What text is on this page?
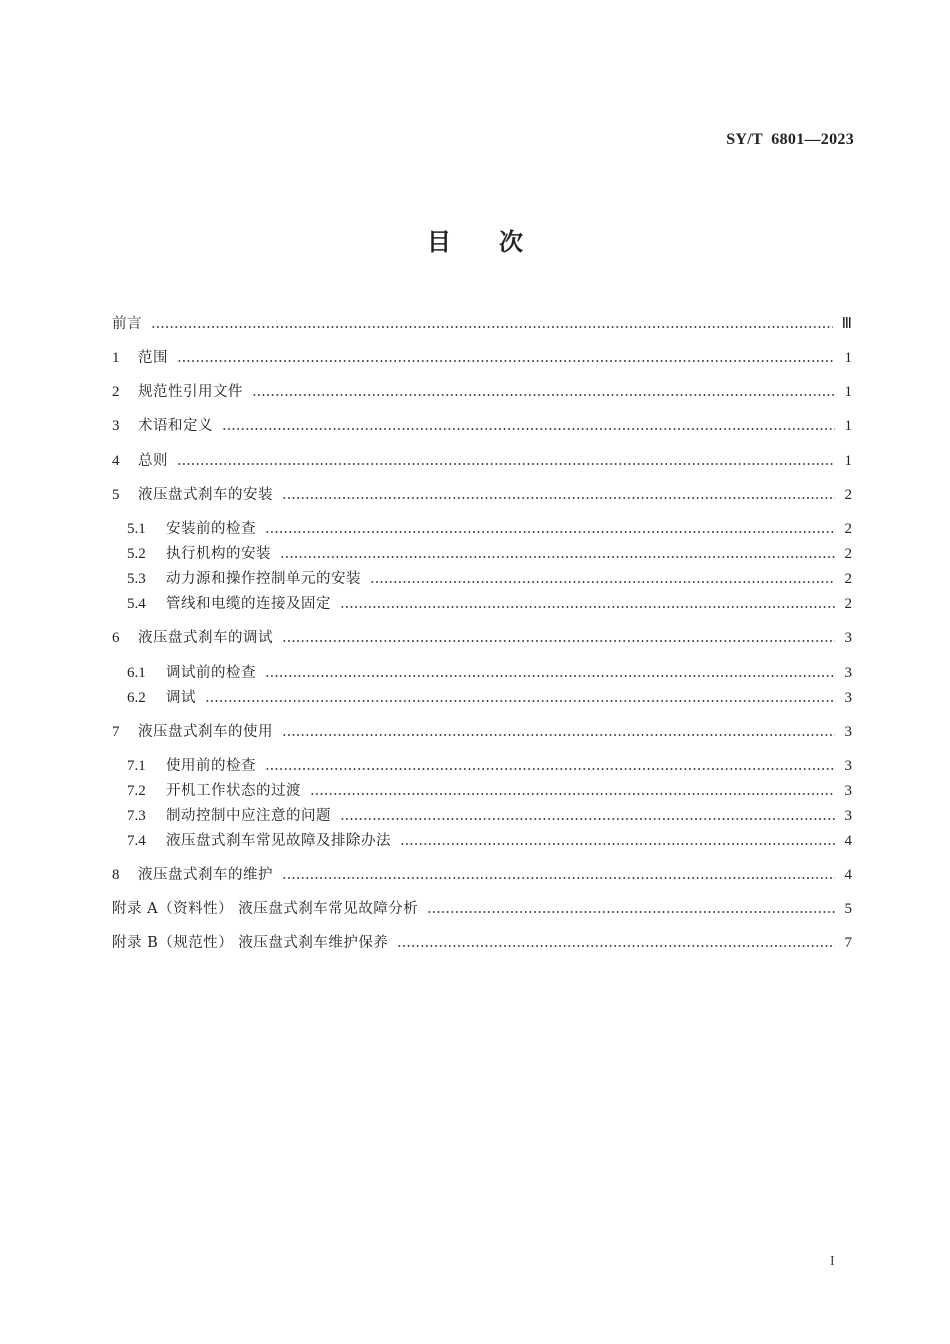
SY/T  6801—2023
目次
前言	Ⅲ
1	范围	1
2	规范性引用文件	1
3	术语和定义	1
4	总则	1
5	液压盘式刹车的安装	2
5.1	安装前的检查	2
5.2	执行机构的安装	2
5.3	动力源和操作控制单元的安装	2
5.4	管线和电缆的连接及固定	2
6	液压盘式刹车的调试	3
6.1	调试前的检查	3
6.2	调试	3
7	液压盘式刹车的使用	3
7.1	使用前的检查	3
7.2	开机工作状态的过渡	3
7.3	制动控制中应注意的问题	3
7.4	液压盘式刹车常见故障及排除办法	4
8	液压盘式刹车的维护	4
附录 A（资料性） 液压盘式刹车常见故障分析	5
附录 B（规范性） 液压盘式刹车维护保养	7
I
